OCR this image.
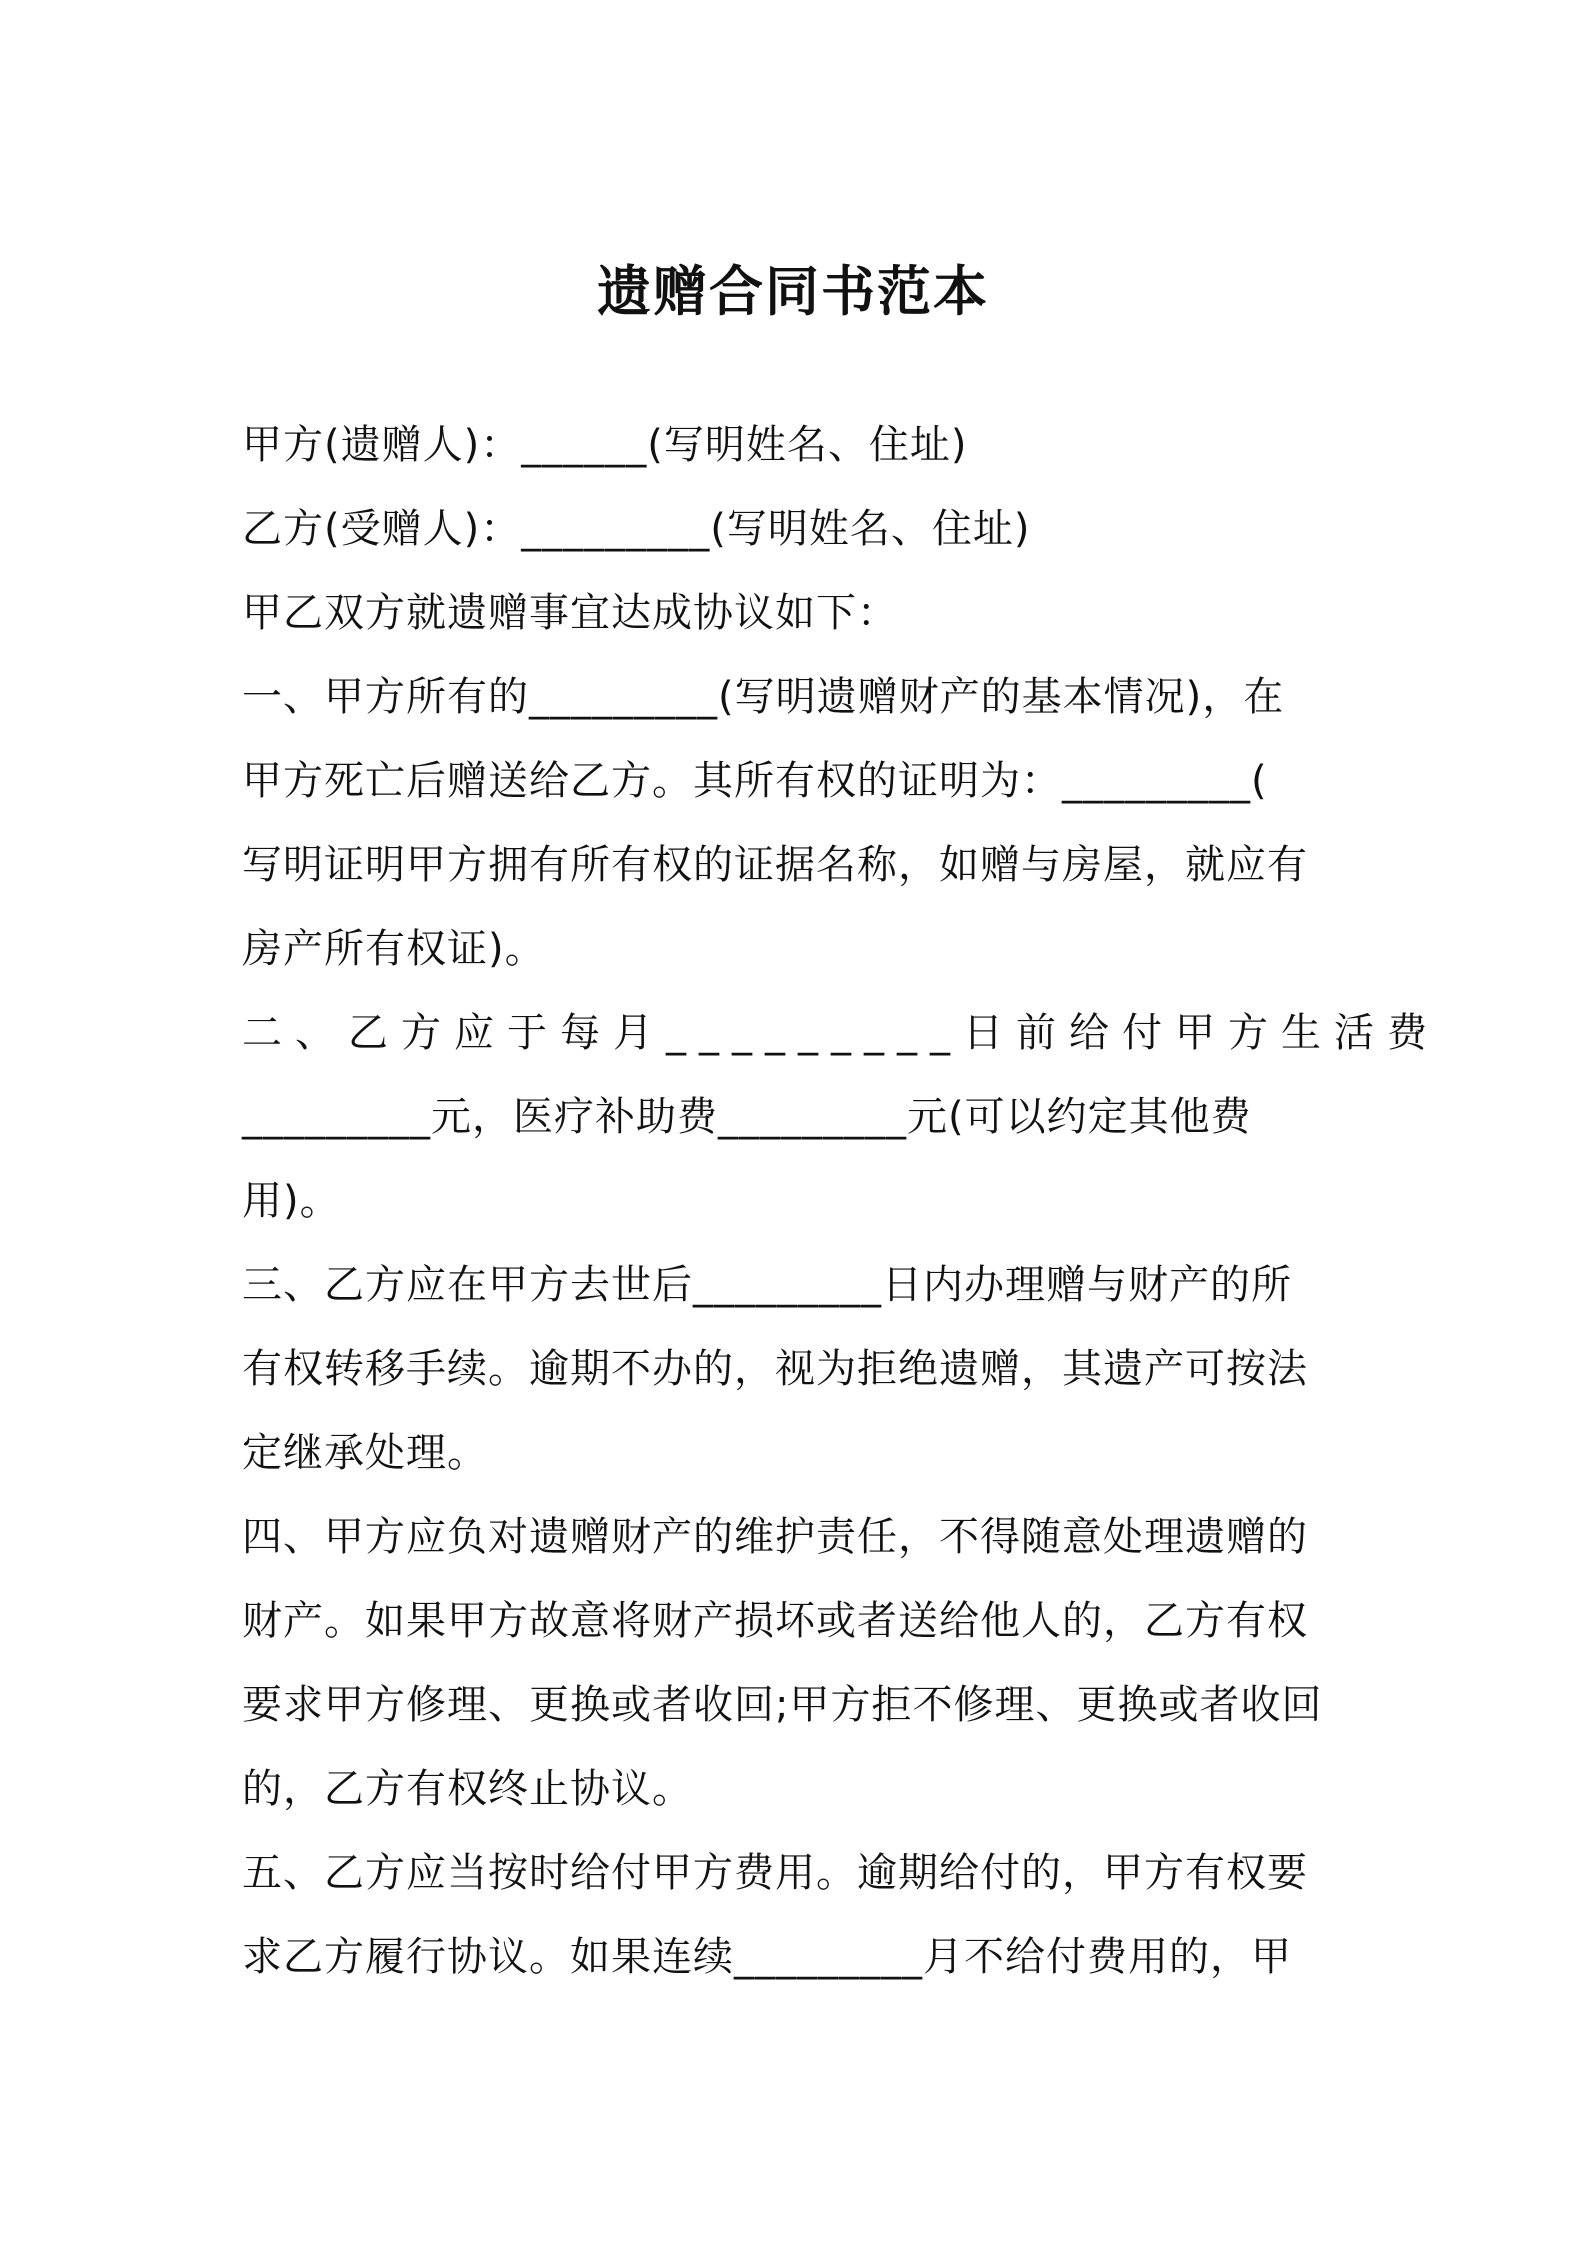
遗赠合同书范本
甲方(遗赠人)：______(写明姓名、住址)
乙方(受赠人)：_________(写明姓名、住址)
甲乙双方就遗赠事宜达成协议如下：
一、甲方所有的_________(写明遗赠财产的基本情况)，在
甲方死亡后赠送给乙方。其所有权的证明为：_________(
写明证明甲方拥有所有权的证据名称，如赠与房屋，就应有
房产所有权证)。
二、乙方应于每月_________日前给付甲方生活费
_________元，医疗补助费_________元(可以约定其他费
用)。
三、乙方应在甲方去世后_________日内办理赠与财产的所
有权转移手续。逾期不办的，视为拒绝遗赠，其遗产可按法
定继承处理。
四、甲方应负对遗赠财产的维护责任，不得随意处理遗赠的
财产。如果甲方故意将财产损坏或者送给他人的，乙方有权
要求甲方修理、更换或者收回;甲方拒不修理、更换或者收回
的，乙方有权终止协议。
五、乙方应当按时给付甲方费用。逾期给付的，甲方有权要
求乙方履行协议。如果连续_________月不给付费用的，甲
